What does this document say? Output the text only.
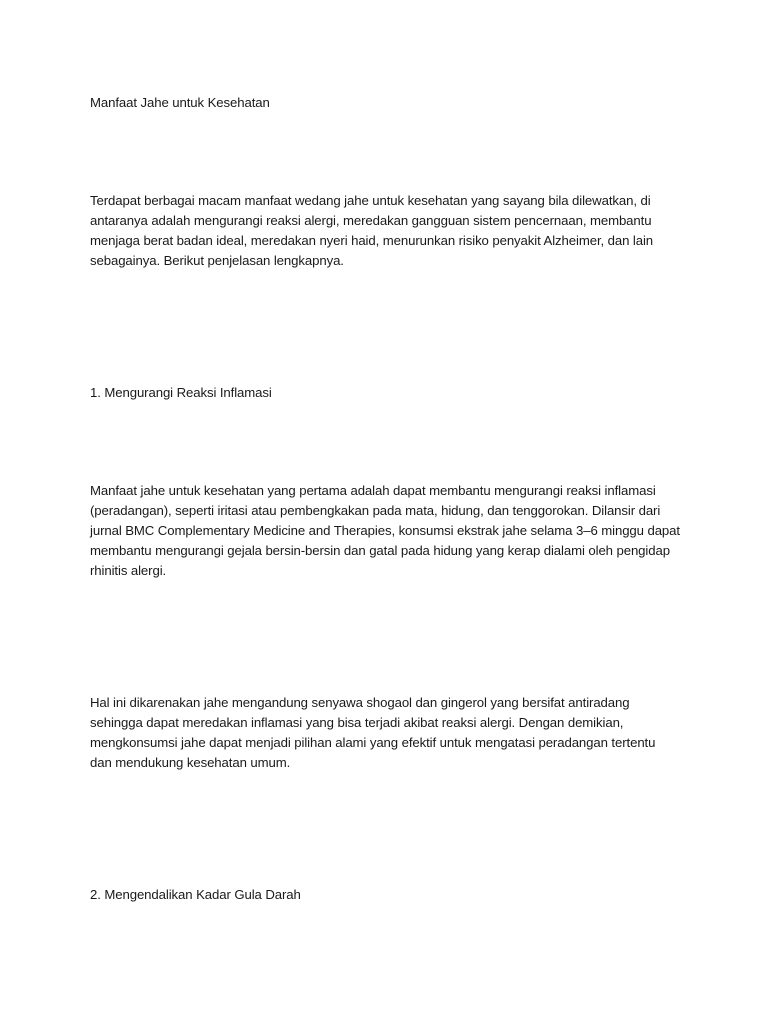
Manfaat Jahe untuk Kesehatan

Terdapat berbagai macam manfaat wedang jahe untuk kesehatan yang sayang bila dilewatkan, di antaranya adalah mengurangi reaksi alergi, meredakan gangguan sistem pencernaan, membantu menjaga berat badan ideal, meredakan nyeri haid, menurunkan risiko penyakit Alzheimer, dan lain sebagainya. Berikut penjelasan lengkapnya.

1. Mengurangi Reaksi Inflamasi

Manfaat jahe untuk kesehatan yang pertama adalah dapat membantu mengurangi reaksi inflamasi (peradangan), seperti iritasi atau pembengkakan pada mata, hidung, dan tenggorokan. Dilansir dari jurnal BMC Complementary Medicine and Therapies, konsumsi ekstrak jahe selama 3–6 minggu dapat membantu mengurangi gejala bersin-bersin dan gatal pada hidung yang kerap dialami oleh pengidap rhinitis alergi.

Hal ini dikarenakan jahe mengandung senyawa shogaol dan gingerol yang bersifat antiradang sehingga dapat meredakan inflamasi yang bisa terjadi akibat reaksi alergi. Dengan demikian, mengkonsumsi jahe dapat menjadi pilihan alami yang efektif untuk mengatasi peradangan tertentu dan mendukung kesehatan umum.

2. Mengendalikan Kadar Gula Darah
